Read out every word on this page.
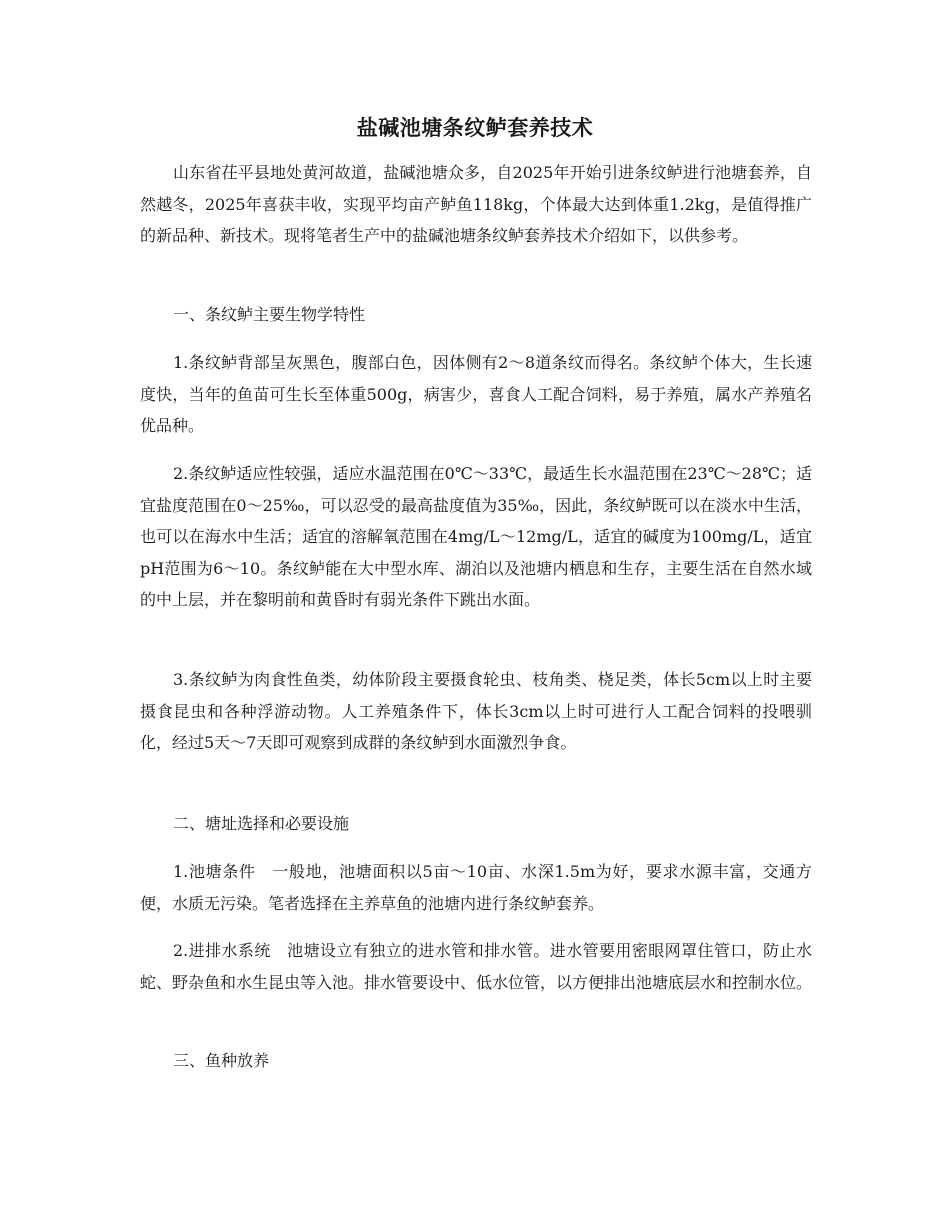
盐碱池塘条纹鲈套养技术

山东省茌平县地处黄河故道，盐碱池塘众多，自2025年开始引进条纹鲈进行池塘套养，自然越冬，2025年喜获丰收，实现平均亩产鲈鱼118kg，个体最大达到体重1.2kg，是值得推广的新品种、新技术。现将笔者生产中的盐碱池塘条纹鲈套养技术介绍如下，以供参考。

一、条纹鲈主要生物学特性

1.条纹鲈背部呈灰黑色，腹部白色，因体侧有2～8道条纹而得名。条纹鲈个体大，生长速度快，当年的鱼苗可生长至体重500g，病害少，喜食人工配合饲料，易于养殖，属水产养殖名优品种。

2.条纹鲈适应性较强，适应水温范围在0℃～33℃，最适生长水温范围在23℃～28℃；适宜盐度范围在0～25‰，可以忍受的最高盐度值为35‰，因此，条纹鲈既可以在淡水中生活，也可以在海水中生活；适宜的溶解氧范围在4mg/L～12mg/L，适宜的碱度为100mg/L，适宜pH范围为6～10。条纹鲈能在大中型水库、湖泊以及池塘内栖息和生存，主要生活在自然水域的中上层，并在黎明前和黄昏时有弱光条件下跳出水面。

3.条纹鲈为肉食性鱼类，幼体阶段主要摄食轮虫、枝角类、桡足类，体长5cm以上时主要摄食昆虫和各种浮游动物。人工养殖条件下，体长3cm以上时可进行人工配合饲料的投喂驯化，经过5天～7天即可观察到成群的条纹鲈到水面激烈争食。

二、塘址选择和必要设施

1.池塘条件　一般地，池塘面积以5亩～10亩、水深1.5m为好，要求水源丰富，交通方便，水质无污染。笔者选择在主养草鱼的池塘内进行条纹鲈套养。

2.进排水系统　池塘设立有独立的进水管和排水管。进水管要用密眼网罩住管口，防止水蛇、野杂鱼和水生昆虫等入池。排水管要设中、低水位管，以方便排出池塘底层水和控制水位。

三、鱼种放养
